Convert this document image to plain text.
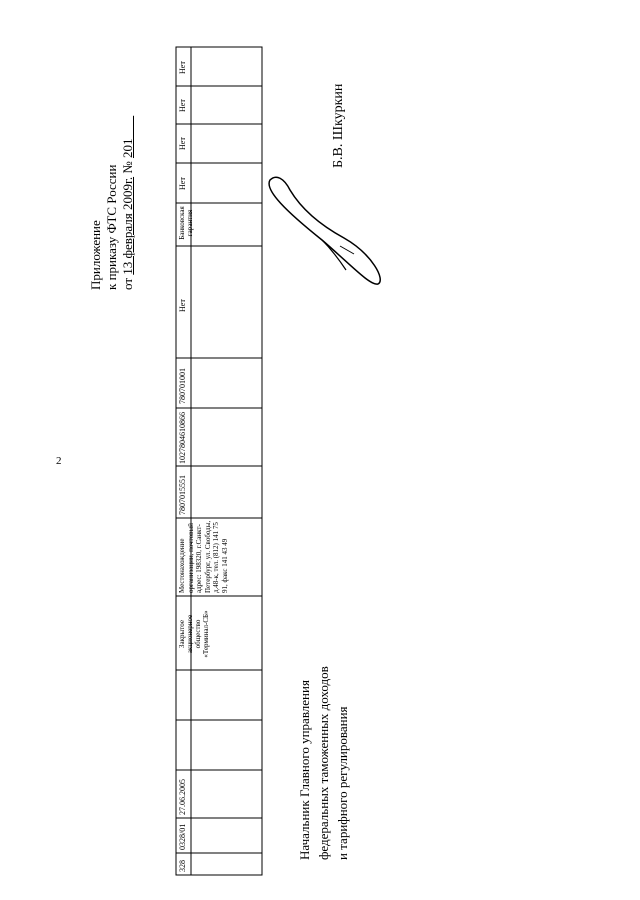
2
Приложение к приказу ФТС России от 13 февраля 2009г. № 201
328
0328/01
27.06.2005
Закрытое акционерное общество «Терминал-СБ»
Местонахождение организации, почтовый адрес: 198320, г.Санкт-Петербург, ул. Свободы, д.48-к, тел. (812) 141 75 91, факс 141 43 49
7807015551
1027804610866
780701001
Нет
Банковская гарантия
Нет
Нет
Нет
Нет
Б.В. Шкуркин
Начальник Главного управления федеральных таможенных доходов и тарифного регулирования
